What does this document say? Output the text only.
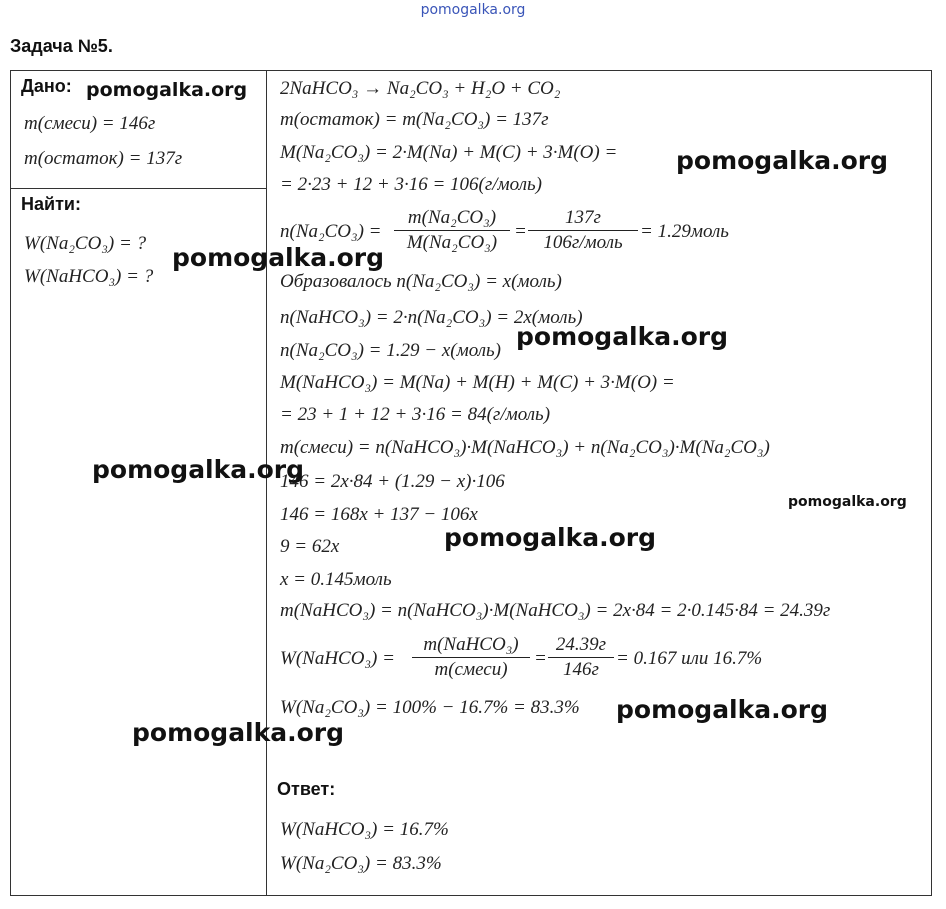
pomogalka.org
Задача №5.
Дано:
m(смеси) = 146г
m(остаток) = 137г
Найти:
W(Na₂CO₃) = ?
W(NaHCO₃) = ?
2NaHCO₃ → Na₂CO₃ + H₂O + CO₂
m(остаток) = m(Na₂CO₃) = 137г
M(Na₂CO₃) = 2·M(Na) + M(C) + 3·M(O) =
= 2·23 + 12 + 3·16 = 106(г/моль)
$n(Na_2CO_3) = \frac{\text{m(Na₂CO₃)}}{\text{M(Na₂CO₃)}}$ =
137г
106г/моль
= 1.29моль
Образовалось n(Na₂CO₃) = x(моль)
n(NaHCO₃) = 2·n(Na₂CO₃) = 2x(моль)
n(Na₂CO₃) = 1.29 − x(моль)
M(NaHCO₃) = M(Na) + M(H) + M(C) + 3·M(O) =
= 23 + 1 + 12 + 3·16 = 84(г/моль)
m(смеси) = n(NaHCO₃)·M(NaHCO₃) + n(Na₂CO₃)·M(Na₂CO₃)
146 = 2x·84 + (1.29 − x)·106
146 = 168x + 137 − 106x
9 = 62x
x = 0.145моль
m(NaHCO₃) = n(NaHCO₃)·M(NaHCO₃) = 2x·84 = 2·0.145·84 = 24.39г
W(NaHCO₃) =
m(NaHCO₃)
m(смеси)
=
24.39г
146г
= 0.167 или 16.7%
W(Na₂CO₃) = 100% − 16.7% = 83.3%
Ответ:
W(NaHCO₃) = 16.7%
W(Na₂CO₃) = 83.3%
pomogalka.org
pomogalka.org
pomogalka.org
pomogalka.org
pomogalka.org
pomogalka.org
pomogalka.org
pomogalka.org
pomogalka.org
